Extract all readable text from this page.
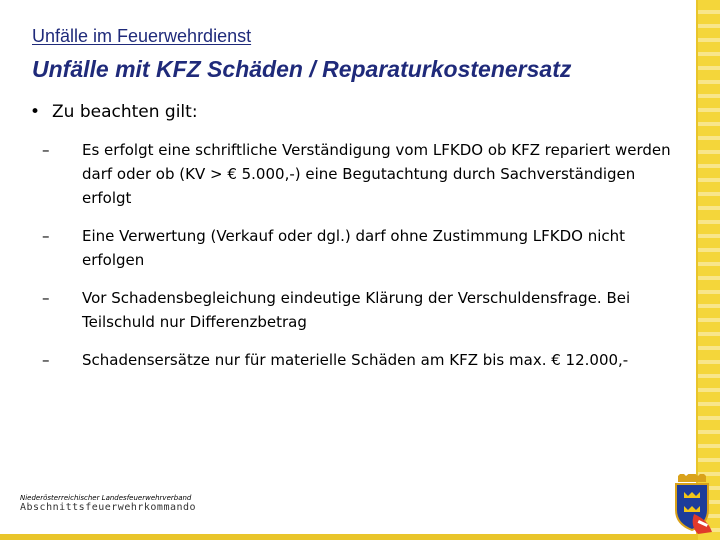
Unfälle im Feuerwehrdienst
Unfälle mit KFZ Schäden / Reparaturkostenersatz
• Zu beachten gilt:
–	Es erfolgt eine schriftliche Verständigung vom LFKDO ob KFZ repariert werden darf oder ob (KV > € 5.000,-) eine Begutachtung durch Sachverständigen erfolgt
–	Eine Verwertung (Verkauf oder dgl.) darf ohne Zustimmung LFKDO nicht erfolgen
–	Vor Schadensbegleichung eindeutige Klärung der Verschuldensfrage. Bei Teilschuld nur Differenzbetrag
–	Schadensersätze nur für materielle Schäden am KFZ bis max. € 12.000,-
Niederösterreichischer Landesfeuerwehrverband
Abschnittsfeuerwehrkommando
